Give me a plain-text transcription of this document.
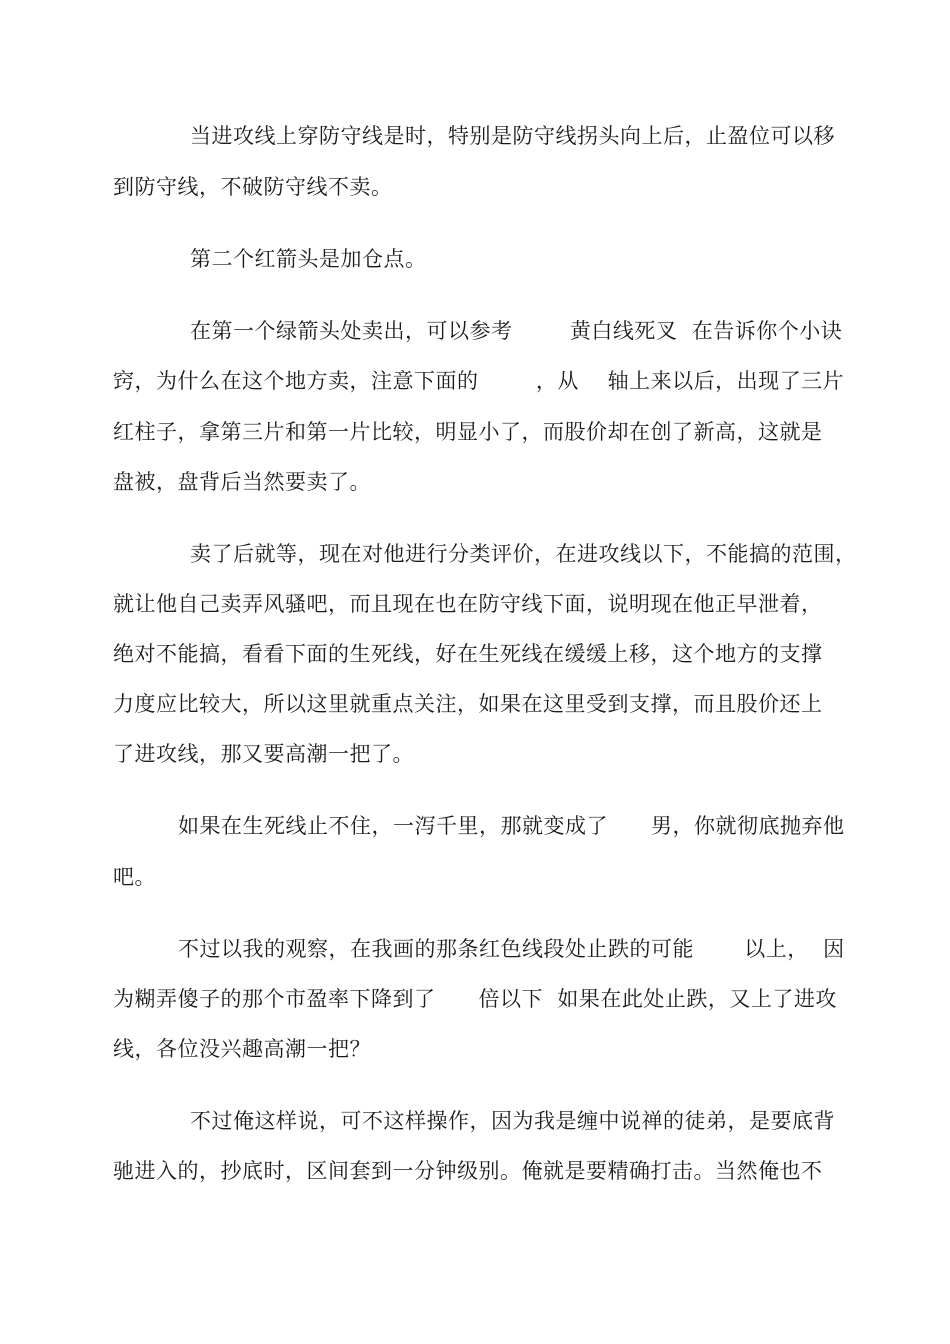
当进攻线上穿防守线是时，特别是防守线拐头向上后，止盈位可以移
到防守线，不破防守线不卖。
第二个红箭头是加仓点。
在第一个绿箭头处卖出，可以参考        黄白线死叉  在告诉你个小诀
窍，为什么在这个地方卖，注意下面的        ，从    轴上来以后，出现了三片
红柱子，拿第三片和第一片比较，明显小了，而股价却在创了新高，这就是
盘被，盘背后当然要卖了。
卖了后就等，现在对他进行分类评价，在进攻线以下，不能搞的范围，
就让他自己卖弄风骚吧，而且现在也在防守线下面，说明现在他正早泄着，
绝对不能搞，看看下面的生死线，好在生死线在缓缓上移，这个地方的支撑
力度应比较大，所以这里就重点关注，如果在这里受到支撑，而且股价还上
了进攻线，那又要高潮一把了。
如果在生死线止不住，一泻千里，那就变成了      男，你就彻底抛弃他
吧。
不过以我的观察，在我画的那条红色线段处止跌的可能       以上，  因
为糊弄傻子的那个市盈率下降到了      倍以下  如果在此处止跌，又上了进攻
线，各位没兴趣高潮一把？
不过俺这样说，可不这样操作，因为我是缠中说禅的徒弟，是要底背
驰进入的，抄底时，区间套到一分钟级别。俺就是要精确打击。当然俺也不
